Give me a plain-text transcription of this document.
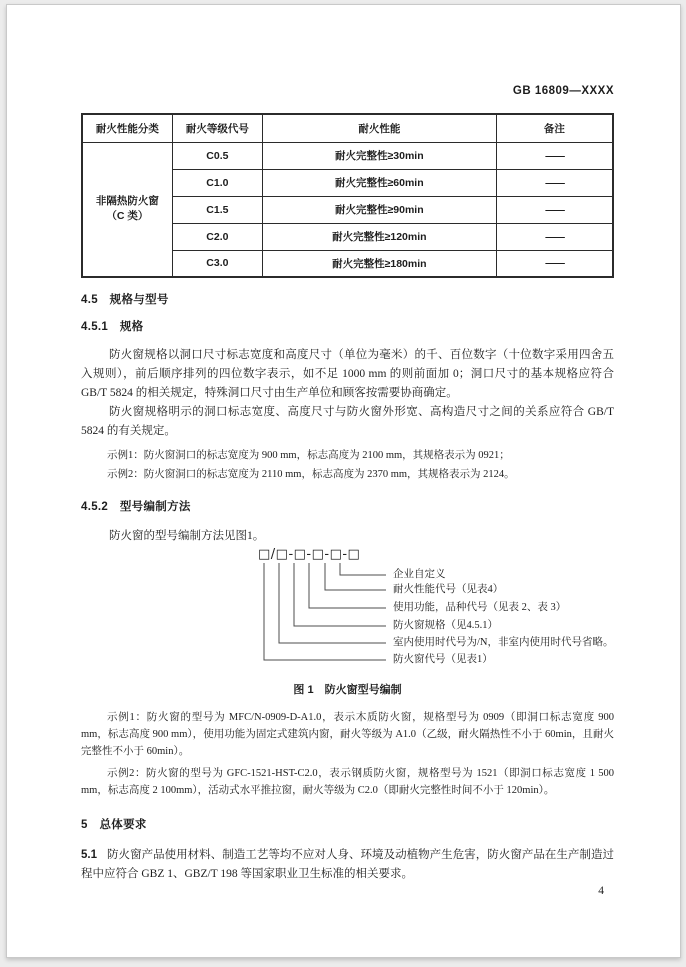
GB 16809—XXXX
耐火性能分类	耐火等级代号	耐火性能	备注

非隔热防火窗
（C 类）	C0.5	耐火完整性≥30min	——
	C1.0	耐火完整性≥60min	——
	C1.5	耐火完整性≥90min	——
	C2.0	耐火完整性≥120min	——
	C3.0	耐火完整性≥180min	——
4.5　规格与型号
4.5.1　规格

防火窗规格以洞口尺寸标志宽度和高度尺寸（单位为毫米）的千、百位数字（十位数字采用四舍五入规则），前后顺序排列的四位数字表示，如不足 1000 mm 的则前面加 0；洞口尺寸的基本规格应符合 GB/T 5824 的相关规定，特殊洞口尺寸由生产单位和顾客按需要协商确定。

防火窗规格明示的洞口标志宽度、高度尺寸与防火窗外形宽、高构造尺寸之间的关系应符合 GB/T 5824 的有关规定。

示例1：防火窗洞口的标志宽度为 900 mm，标志高度为 2100 mm，其规格表示为 0921；

示例2：防火窗洞口的标志宽度为 2110 mm，标志高度为 2370 mm，其规格表示为 2124。

4.5.2　型号编制方法

防火窗的型号编制方法见图1。

□/□-□-□-□-□
企业自定义
耐火性能代号（见表4）
使用功能，品种代号（见表 2、表 3）
防火窗规格（见4.5.1）
室内使用时代号为/N，非室内使用时代号省略。
防火窗代号（见表1）
图 1　防火窗型号编制

示例1：防火窗的型号为 MFC/N-0909-D-A1.0，表示木质防火窗，规格型号为 0909（即洞口标志宽度 900 mm，标志高度 900 mm），使用功能为固定式建筑内窗，耐火等级为 A1.0（乙级，耐火隔热性不小于 60min，且耐火完整性不小于 60min）。

示例2：防火窗的型号为 GFC-1521-HST-C2.0，表示钢质防火窗，规格型号为 1521（即洞口标志宽度 1 500 mm，标志高度 2 100mm），活动式水平推拉窗，耐火等级为 C2.0（即耐火完整性时间不小于 120min）。

5　总体要求

5.1 防火窗产品使用材料、制造工艺等均不应对人身、环境及动植物产生危害，防火窗产品在生产制造过程中应符合 GBZ 1、GBZ/T 198 等国家职业卫生标准的相关要求。

4
